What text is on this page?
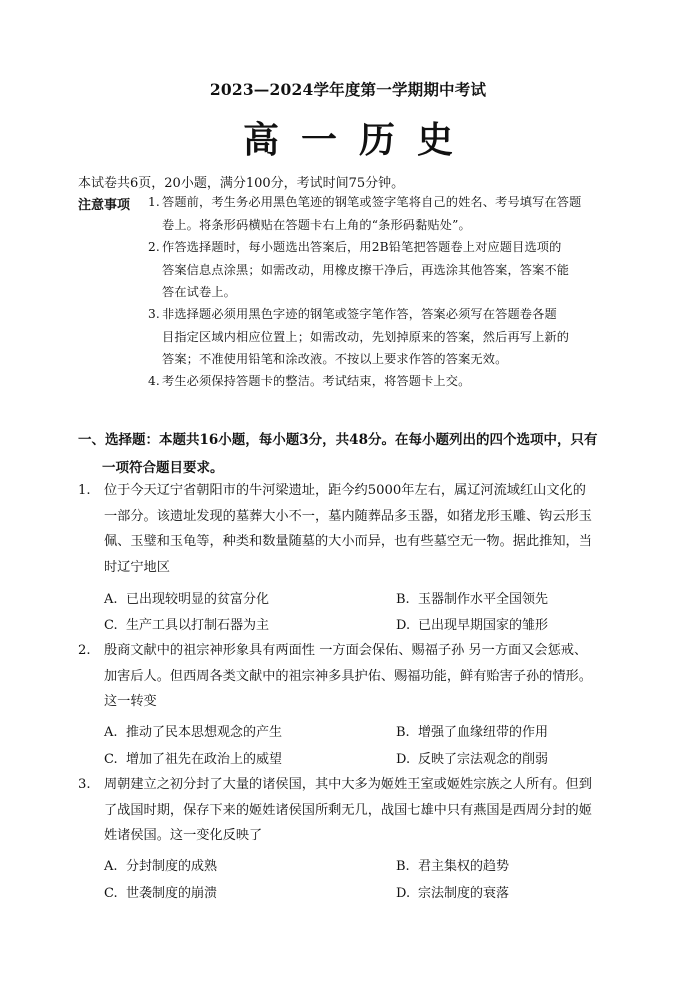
2023—2024学年度第一学期期中考试
高一历史
本试卷共6页，20小题，满分100分，考试时间75分钟。
注意事项 1. 答题前，考生务必用黑色笔迹的钢笔或签字笔将自己的姓名、考号填写在答题
卷上。将条形码横贴在答题卡右上角的“条形码黏贴处”。
2. 作答选择题时，每小题选出答案后，用2B铅笔把答题卷上对应题目选项的
答案信息点涂黑；如需改动，用橡皮擦干净后，再选涂其他答案，答案不能
答在试卷上。
3. 非选择题必须用黑色字迹的钢笔或签字笔作答，答案必须写在答题卷各题
目指定区域内相应位置上；如需改动，先划掉原来的答案，然后再写上新的
答案；不准使用铅笔和涂改液。不按以上要求作答的答案无效。
4. 考生必须保持答题卡的整洁。考试结束，将答题卡上交。
一、选择题：本题共16小题，每小题3分，共48分。在每小题列出的四个选项中，只有
一项符合题目要求。
1.	位于今天辽宁省朝阳市的牛河梁遗址，距今约5000年左右，属辽河流域红山文化的
一部分。该遗址发现的墓葬大小不一，墓内随葬品多玉器，如猪龙形玉雕、钩云形玉
佩、玉璧和玉龟等，种类和数量随墓的大小而异，也有些墓空无一物。据此推知，当
时辽宁地区
A. 已出现较明显的贫富分化	B. 玉器制作水平全国领先
C. 生产工具以打制石器为主	D. 已出现早期国家的雏形
2.	殷商文献中的祖宗神形象具有两面性 一方面会保佑、赐福子孙 另一方面又会惩戒、
加害后人。但西周各类文献中的祖宗神多具护佑、赐福功能，鲜有贻害子孙的情形。
这一转变
A. 推动了民本思想观念的产生	B. 增强了血缘纽带的作用
C. 增加了祖先在政治上的威望	D. 反映了宗法观念的削弱
3.	周朝建立之初分封了大量的诸侯国，其中大多为姬姓王室或姬姓宗族之人所有。但到
了战国时期，保存下来的姬姓诸侯国所剩无几，战国七雄中只有燕国是西周分封的姬
姓诸侯国。这一变化反映了
A. 分封制度的成熟	B. 君主集权的趋势
C. 世袭制度的崩溃	D. 宗法制度的衰落
